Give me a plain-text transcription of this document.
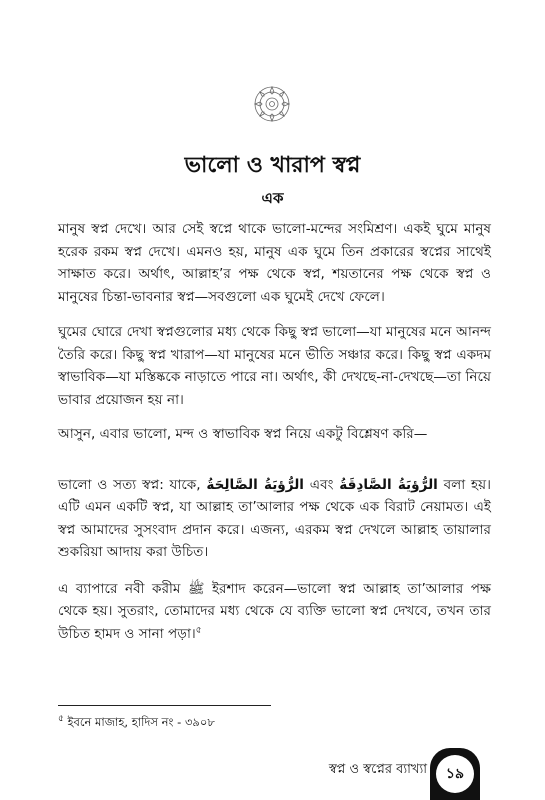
ভালো ও খারাপ স্বপ্ন
এক

মানুষ স্বপ্ন দেখে। আর সেই স্বপ্নে থাকে ভালো-মন্দের সংমিশ্রণ। একই ঘুমে মানুষ হরেক রকম স্বপ্ন দেখে। এমনও হয়, মানুষ এক ঘুমে তিন প্রকারের স্বপ্নের সাথেই সাক্ষাত করে। অর্থাৎ, আল্লাহ’র পক্ষ থেকে স্বপ্ন, শয়তানের পক্ষ থেকে স্বপ্ন ও মানুষের চিন্তা-ভাবনার স্বপ্ন—সবগুলো এক ঘুমেই দেখে ফেলে।

ঘুমের ঘোরে দেখা স্বপ্নগুলোর মধ্য থেকে কিছু স্বপ্ন ভালো—যা মানুষের মনে আনন্দ তৈরি করে। কিছু স্বপ্ন খারাপ—যা মানুষের মনে ভীতি সঞ্চার করে। কিছু স্বপ্ন একদম স্বাভাবিক—যা মস্তিষ্ককে নাড়াতে পারে না। অর্থাৎ, কী দেখছে-না-দেখছে—তা নিয়ে ভাবার প্রয়োজন হয় না।

আসুন, এবার ভালো, মন্দ ও স্বাভাবিক স্বপ্ন নিয়ে একটু বিশ্লেষণ করি—

ভালো ও সত্য স্বপ্ন: যাকে, الرُّؤيَةُ الصَّالِحَةُ এবং الرُّؤيَةُ الصَّادِقَةُ বলা হয়। এটি এমন একটি স্বপ্ন, যা আল্লাহ তা’আলার পক্ষ থেকে এক বিরাট নেয়ামত। এই স্বপ্ন আমাদের সুসংবাদ প্রদান করে। এজন্য, এরকম স্বপ্ন দেখলে আল্লাহ তায়ালার শুকরিয়া আদায় করা উচিত।

এ ব্যাপারে নবী করীম ﷺ ইরশাদ করেন—ভালো স্বপ্ন আল্লাহ তা’আলার পক্ষ থেকে হয়। সুতরাং, তোমাদের মধ্য থেকে যে ব্যক্তি ভালো স্বপ্ন দেখবে, তখন তার উচিত হামদ ও সানা পড়া।$^৫$

$^৫$ ইবনে মাজাহ, হাদিস নং - ৩৯০৮
স্বপ্ন ও স্বপ্নের ব্যাখ্যা	১৯
